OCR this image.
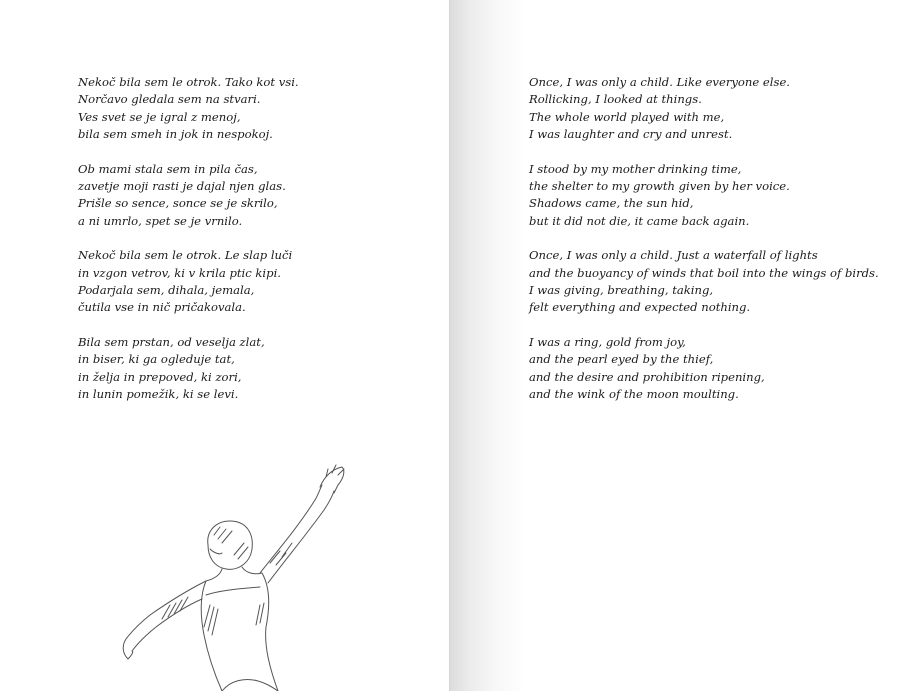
Nekoč bila sem le otrok. Tako kot vsi.
Norčavo gledala sem na stvari.
Ves svet se je igral z menoj,
bila sem smeh in jok in nespokoj.
Ob mami stala sem in pila čas,
zavetje moji rasti je dajal njen glas.
Prišle so sence, sonce se je skrilo,
a ni umrlo, spet se je vrnilo.
Nekoč bila sem le otrok. Le slap luči
in vzgon vetrov, ki v krila ptic kipi.
Podarjala sem, dihala, jemala,
čutila vse in nič pričakovala.
Bila sem prstan, od veselja zlat,
in biser, ki ga ogleduje tat,
in želja in prepoved, ki zori,
in lunin pomežik, ki se levi.
Once, I was only a child. Like everyone else.
Rollicking, I looked at things.
The whole world played with me,
I was laughter and cry and unrest.
I stood by my mother drinking time,
the shelter to my growth given by her voice.
Shadows came, the sun hid,
but it did not die, it came back again.
Once, I was only a child. Just a waterfall of lights
and the buoyancy of winds that boil into the wings of birds.
I was giving, breathing, taking,
felt everything and expected nothing.
I was a ring, gold from joy,
and the pearl eyed by the thief,
and the desire and prohibition ripening,
and the wink of the moon moulting.
